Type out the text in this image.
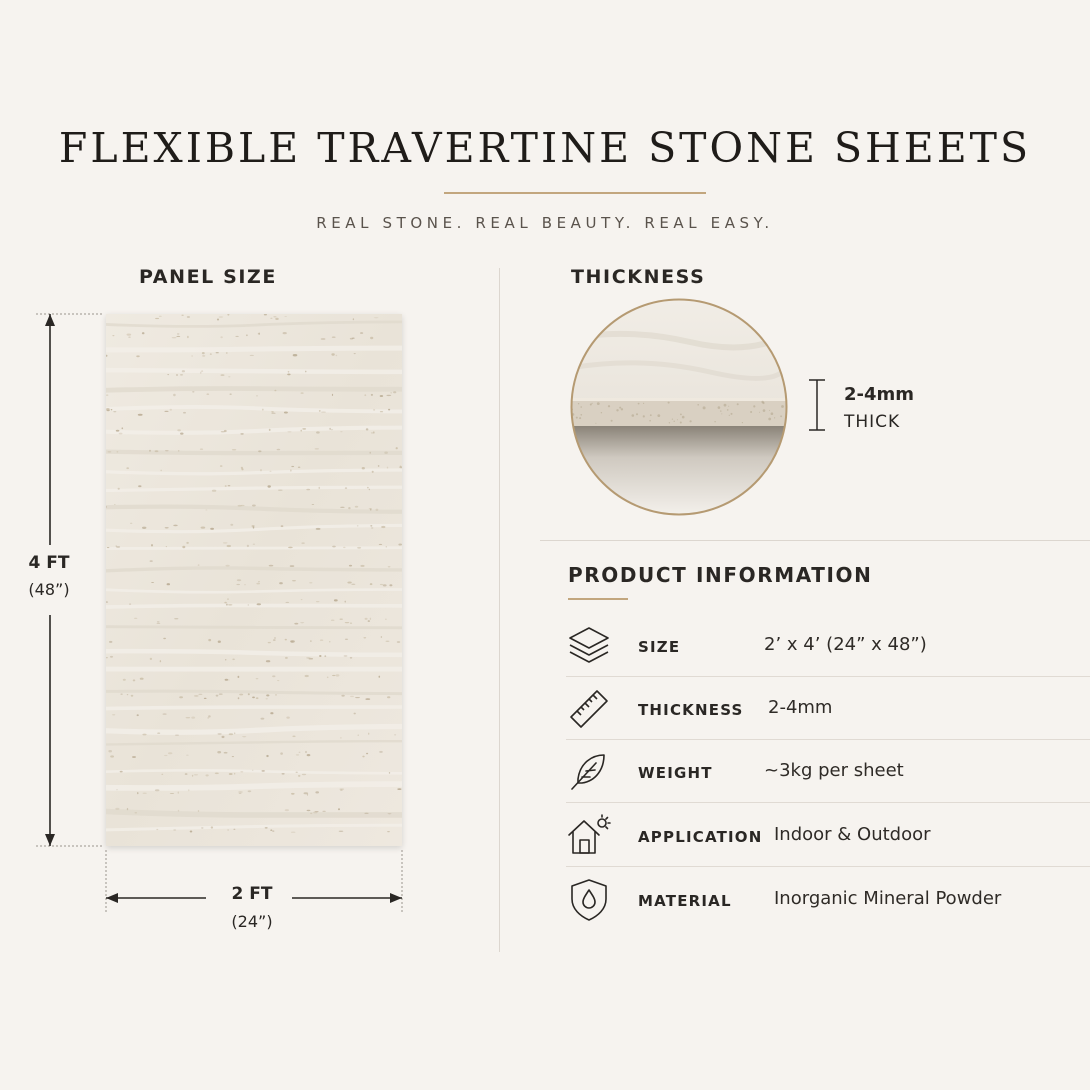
FLEXIBLE TRAVERTINE STONE SHEETS
REAL STONE. REAL BEAUTY. REAL EASY.
PANEL SIZE
4 FT
(48”)
2 FT
(24”)
THICKNESS
2-4mm
THICK
PRODUCT INFORMATION
SIZE	2’ x 4’ (24” x 48”)
THICKNESS 2-4mm
WEIGHT	~3kg per sheet
APPLICATION Indoor & Outdoor
MATERIAL Inorganic Mineral Powder
